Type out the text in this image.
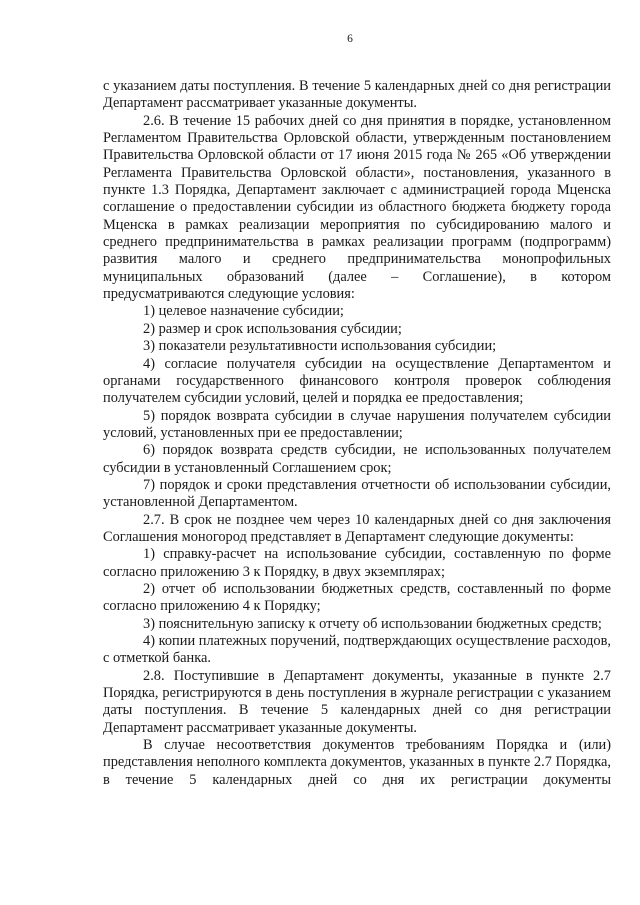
6

с указанием даты поступления. В течение 5 календарных дней со дня регистрации Департамент рассматривает указанные документы.

2.6. В течение 15 рабочих дней со дня принятия в порядке, установленном Регламентом Правительства Орловской области, утвержденным постановлением Правительства Орловской области от 17 июня 2015 года № 265 «Об утверждении Регламента Правительства Орловской области», постановления, указанного в пункте 1.3 Порядка, Департамент заключает с администрацией города Мценска соглашение о предоставлении субсидии из областного бюджета бюджету города Мценска в рамках реализации мероприятия по субсидированию малого и среднего предпринимательства в рамках реализации программ (подпрограмм) развития малого и среднего предпринимательства монопрофильных муниципальных образований (далее – Соглашение), в котором предусматриваются следующие условия:

1) целевое назначение субсидии;

2) размер и срок использования субсидии;

3) показатели результативности использования субсидии;

4) согласие получателя субсидии на осуществление Департаментом и органами государственного финансового контроля проверок соблюдения получателем субсидии условий, целей и порядка ее предоставления;

5) порядок возврата субсидии в случае нарушения получателем субсидии условий, установленных при ее предоставлении;

6) порядок возврата средств субсидии, не использованных получателем субсидии в установленный Соглашением срок;

7) порядок и сроки представления отчетности об использовании субсидии, установленной Департаментом.

2.7. В срок не позднее чем через 10 календарных дней со дня заключения Соглашения моногород представляет в Департамент следующие документы:

1) справку-расчет на использование субсидии, составленную по форме согласно приложению 3 к Порядку, в двух экземплярах;

2) отчет об использовании бюджетных средств, составленный по форме согласно приложению 4 к Порядку;

3) пояснительную записку к отчету об использовании бюджетных средств;

4) копии платежных поручений, подтверждающих осуществление расходов, с отметкой банка.

2.8. Поступившие в Департамент документы, указанные в пункте 2.7 Порядка, регистрируются в день поступления в журнале регистрации с указанием даты поступления. В течение 5 календарных дней со дня регистрации Департамент рассматривает указанные документы.

В случае несоответствия документов требованиям Порядка и (или) представления неполного комплекта документов, указанных в пункте 2.7 Порядка, в течение 5 календарных дней со дня их регистрации документы
